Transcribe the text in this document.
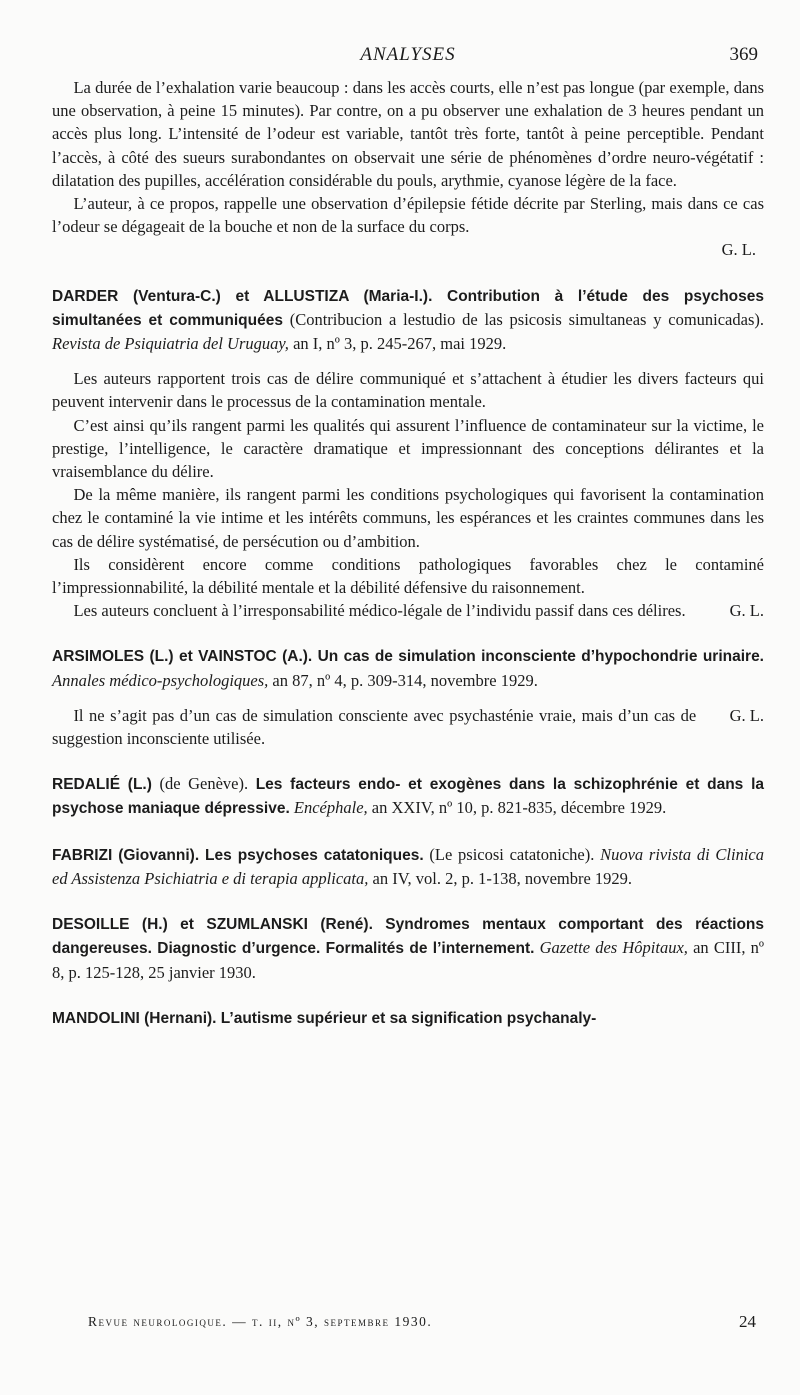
ANALYSES	369

La durée de l’exhalation varie beaucoup : dans les accès courts, elle n’est pas longue (par exemple, dans une observation, à peine 15 minutes). Par contre, on a pu observer une exhalation de 3 heures pendant un accès plus long. L’intensité de l’odeur est variable, tantôt très forte, tantôt à peine perceptible. Pendant l’accès, à côté des sueurs surabondantes on observait une série de phénomènes d’ordre neuro-végétatif : dilatation des pupilles, accélération considérable du pouls, arythmie, cyanose légère de la face.

L’auteur, à ce propos, rappelle une observation d’épilepsie fétide décrite par Sterling, mais dans ce cas l’odeur se dégageait de la bouche et non de la surface du corps.

G. L.

DARDER (Ventura-C.) et ALLUSTIZA (Maria-I.). Contribution à l’étude des psychoses simultanées et communiquées (Contribucion a lestudio de las psicosis simultaneas y comunicadas). Revista de Psiquiatria del Uruguay, an I, nº 3, p. 245-267, mai 1929.

Les auteurs rapportent trois cas de délire communiqué et s’attachent à étudier les divers facteurs qui peuvent intervenir dans le processus de la contamination mentale.

C’est ainsi qu’ils rangent parmi les qualités qui assurent l’influence de contaminateur sur la victime, le prestige, l’intelligence, le caractère dramatique et impressionnant des conceptions délirantes et la vraisemblance du délire.

De la même manière, ils rangent parmi les conditions psychologiques qui favorisent la contamination chez le contaminé la vie intime et les intérêts communs, les espérances et les craintes communes dans les cas de délire systématisé, de persécution ou d’ambition.

Ils considèrent encore comme conditions pathologiques favorables chez le contaminé l’impressionnabilité, la débilité mentale et la débilité défensive du raisonnement.

G. L.
Les auteurs concluent à l’irresponsabilité médico-légale de l’individu passif dans ces délires.

ARSIMOLES (L.) et VAINSTOC (A.). Un cas de simulation inconsciente d’hypochondrie urinaire. Annales médico-psychologiques, an 87, nº 4, p. 309-314, novembre 1929.

G. L.
Il ne s’agit pas d’un cas de simulation consciente avec psychasténie vraie, mais d’un cas de suggestion inconsciente utilisée.

REDALIÉ (L.) (de Genève). Les facteurs endo- et exogènes dans la schizophrénie et dans la psychose maniaque dépressive. Encéphale, an XXIV, nº 10, p. 821-835, décembre 1929.

FABRIZI (Giovanni). Les psychoses catatoniques. (Le psicosi catatoniche). Nuova rivista di Clinica ed Assistenza Psichiatria e di terapia applicata, an IV, vol. 2, p. 1-138, novembre 1929.

DESOILLE (H.) et SZUMLANSKI (René). Syndromes mentaux comportant des réactions dangereuses. Diagnostic d’urgence. Formalités de l’internement. Gazette des Hôpitaux, an CIII, nº 8, p. 125-128, 25 janvier 1930.

MANDOLINI (Hernani). L’autisme supérieur et sa signification psychanaly-

Revue neurologique. — t. ii, nº 3, septembre 1930.	24
